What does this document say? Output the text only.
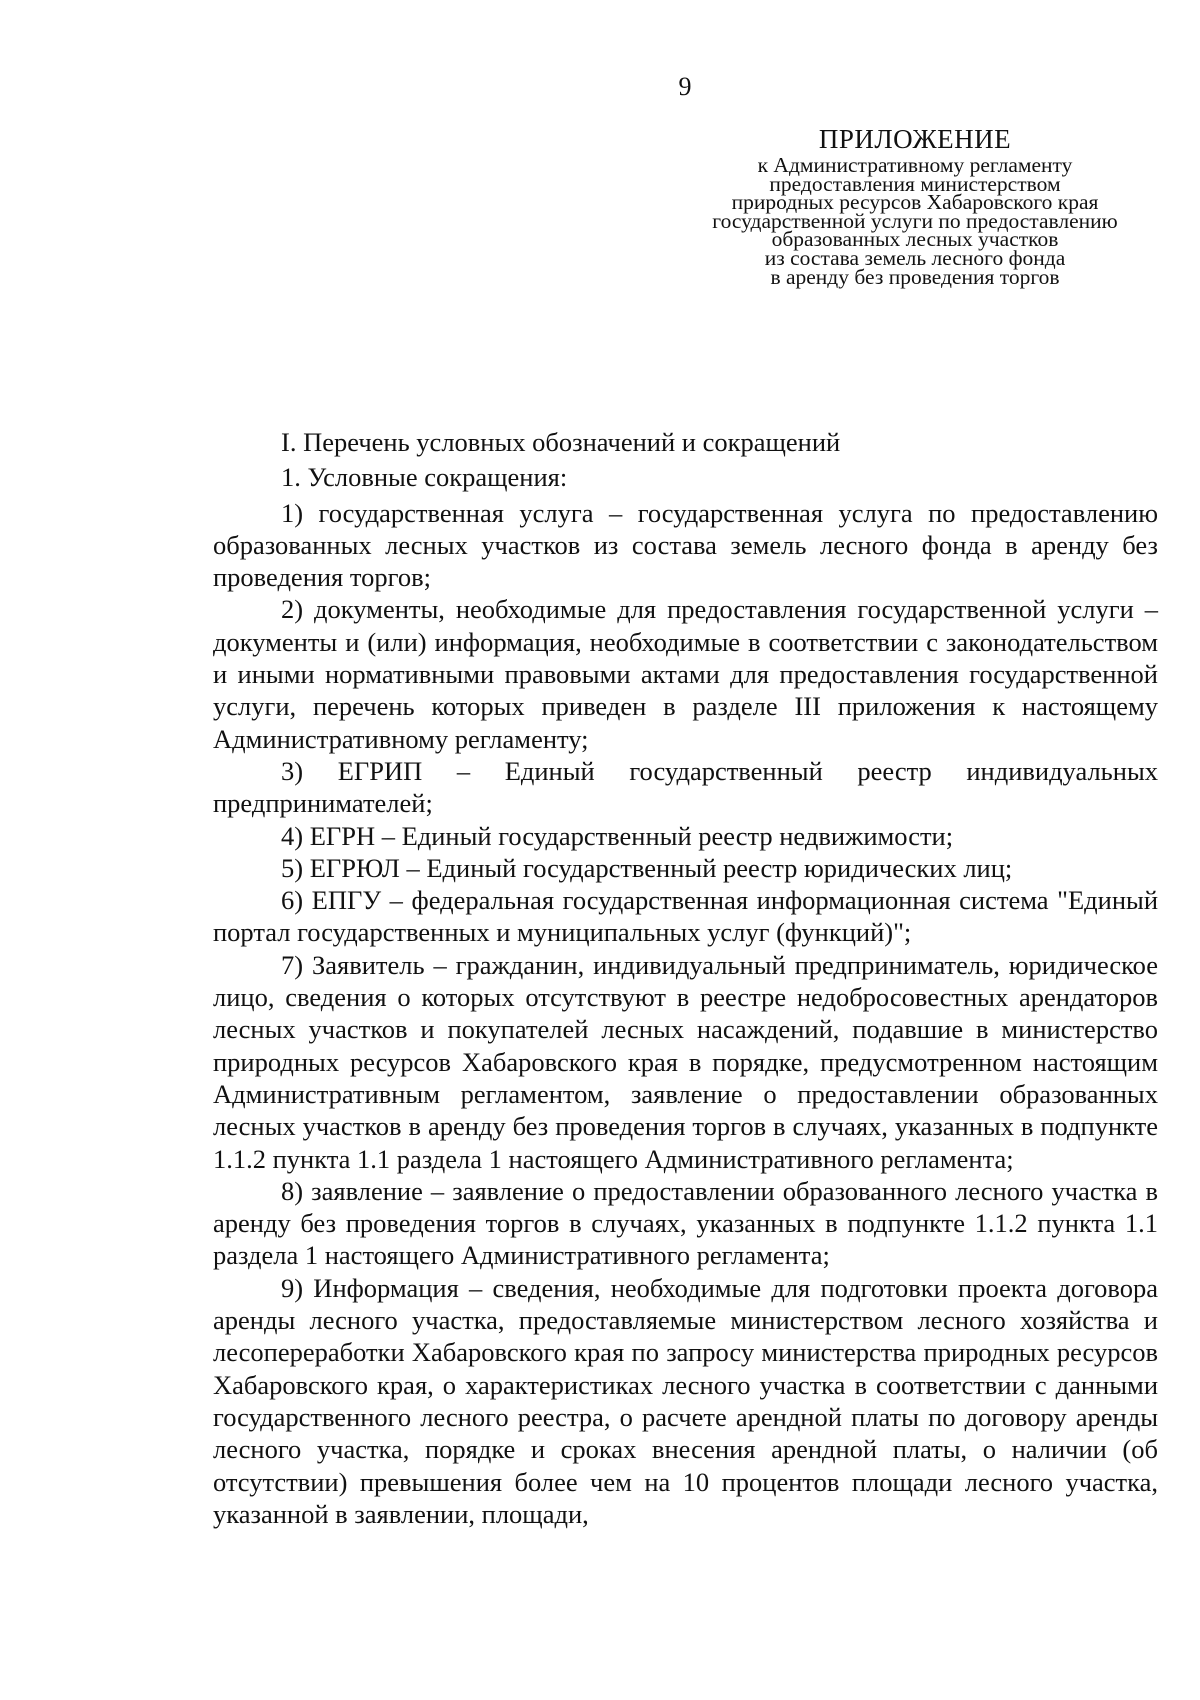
9
ПРИЛОЖЕНИЕ
к Административному регламенту
предоставления министерством
природных ресурсов Хабаровского края
государственной услуги по предоставлению
образованных лесных участков
из состава земель лесного фонда
в аренду без проведения торгов

I. Перечень условных обозначений и сокращений

1. Условные сокращения:

1) государственная услуга – государственная услуга по предоставлению образованных лесных участков из состава земель лесного фонда в аренду без проведения торгов;

2) документы, необходимые для предоставления государственной услуги – документы и (или) информация, необходимые в соответствии с законодательством и иными нормативными правовыми актами для предоставления государственной услуги, перечень которых приведен в разделе III приложения к настоящему Административному регламенту;

3) ЕГРИП – Единый государственный реестр индивидуальных предпринимателей;

4) ЕГРН – Единый государственный реестр недвижимости;

5) ЕГРЮЛ – Единый государственный реестр юридических лиц;

6) ЕПГУ – федеральная государственная информационная система "Единый портал государственных и муниципальных услуг (функций)";

7) Заявитель – гражданин, индивидуальный предприниматель, юридическое лицо, сведения о которых отсутствуют в реестре недобросовестных арендаторов лесных участков и покупателей лесных насаждений, подавшие в министерство природных ресурсов Хабаровского края в порядке, предусмотренном настоящим Административным регламентом, заявление о предоставлении образованных лесных участков в аренду без проведения торгов в случаях, указанных в подпункте 1.1.2 пункта 1.1 раздела 1 настоящего Административного регламента;

8) заявление – заявление о предоставлении образованного лесного участка в аренду без проведения торгов в случаях, указанных в подпункте 1.1.2 пункта 1.1 раздела 1 настоящего Административного регламента;

9) Информация – сведения, необходимые для подготовки проекта договора аренды лесного участка, предоставляемые министерством лесного хозяйства и лесопереработки Хабаровского края по запросу министерства природных ресурсов Хабаровского края, о характеристиках лесного участка в соответствии с данными государственного лесного реестра, о расчете арендной платы по договору аренды лесного участка, порядке и сроках внесения арендной платы, о наличии (об отсутствии) превышения более чем на 10 процентов площади лесного участка, указанной в заявлении, площади,
